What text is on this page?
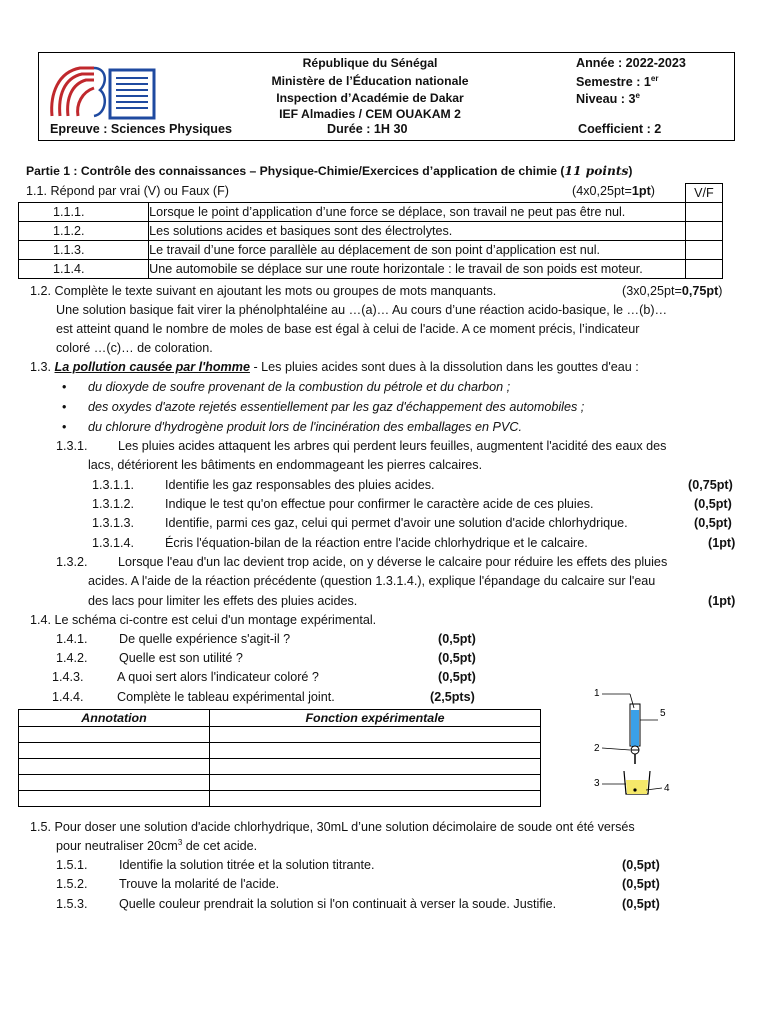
République du Sénégal
Ministère de l’Éducation nationale
Inspection d’Académie de Dakar
IEF Almadies / CEM OUAKAM 2
Epreuve : Sciences Physiques	Durée : 1H 30
Année : 2022-2023
Semestre : 1er
Niveau : 3e
Coefficient : 2
Partie 1 : Contrôle des connaissances – Physique-Chimie/Exercices d’application de chimie (11 points)
1.1. Répond par vrai (V) ou Faux (F)	(4x0,25pt=1pt)
			V/F
1.1.1.	Lorsque le point d’application d’une force se déplace, son travail ne peut pas être nul.	
1.1.2.	Les solutions acides et basiques sont des électrolytes.	
1.1.3.	Le travail d’une force parallèle au déplacement de son point d’application est nul.	
1.1.4.	Une automobile se déplace sur une route horizontale : le travail de son poids est moteur.	
1.2. Complète le texte suivant en ajoutant les mots ou groupes de mots manquants.	(3x0,25pt=0,75pt)
Une solution basique fait virer la phénolphtaléine au …(a)… Au cours d’une réaction acido-basique, le …(b)…
est atteint quand le nombre de moles de base est égal à celui de l'acide. A ce moment précis, l’indicateur
coloré …(c)… de coloration.
1.3. La pollution causée par l'homme - Les pluies acides sont dues à la dissolution dans les gouttes d'eau :
• du dioxyde de soufre provenant de la combustion du pétrole et du charbon ;
• des oxydes d'azote rejetés essentiellement par les gaz d'échappement des automobiles ;
• du chlorure d'hydrogène produit lors de l'incinération des emballages en PVC.
1.3.1. Les pluies acides attaquent les arbres qui perdent leurs feuilles, augmentent l'acidité des eaux des
lacs, détériorent les bâtiments en endommageant les pierres calcaires.
1.3.1.1. Identifie les gaz responsables des pluies acides.	(0,75pt)
1.3.1.2. Indique le test qu'on effectue pour confirmer le caractère acide de ces pluies.	(0,5pt)
1.3.1.3. Identifie, parmi ces gaz, celui qui permet d'avoir une solution d'acide chlorhydrique.	(0,5pt)
1.3.1.4. Écris l'équation-bilan de la réaction entre l'acide chlorhydrique et le calcaire.	(1pt)
1.3.2. Lorsque l'eau d'un lac devient trop acide, on y déverse le calcaire pour réduire les effets des pluies
acides. A l'aide de la réaction précédente (question 1.3.1.4.), explique l'épandage du calcaire sur l'eau
des lacs pour limiter les effets des pluies acides.	(1pt)
1.4. Le schéma ci-contre est celui d'un montage expérimental.
1.4.1. De quelle expérience s'agit-il ?	(0,5pt)
1.4.2. Quelle est son utilité ?	(0,5pt)
1.4.3.	A quoi sert alors l'indicateur coloré ?	(0,5pt)
1.4.4.	Complète le tableau expérimental joint.	(2,5pts)
Annotation	Fonction expérimentale

1
2
3	4
5
1.5. Pour doser une solution d'acide chlorhydrique, 30mL d’une solution décimolaire de soude ont été versés
pour neutraliser $20cm^3$ de cet acide.
1.5.1. Identifie la solution titrée et la solution titrante.	(0,5pt)
1.5.2. Trouve la molarité de l'acide.	(0,5pt)
1.5.3. Quelle couleur prendrait la solution si l'on continuait à verser la soude. Justifie.	(0,5pt)
